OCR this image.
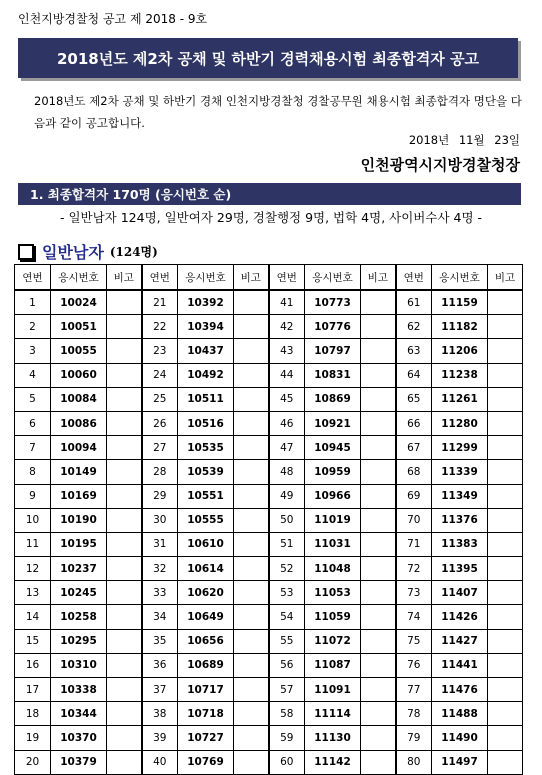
인천지방경찰청 공고 제 2018 - 9호
2018년도 제2차 공채 및 하반기 경력채용시험 최종합격자 공고
2018년도 제2차 공채 및 하반기 경채 인천지방경찰청 경찰공무원 채용시험 최종합격자 명단을 다음과 같이 공고합니다.
2018년 11월 23일
인천광역시지방경찰청장
1. 최종합격자 170명 (응시번호 순)
- 일반남자 124명, 일반여자 29명, 경찰행정 9명, 법학 4명, 사이버수사 4명 -
일반남자 (124명)
연번	응시번호	비고	연번	응시번호	비고	연번	응시번호	비고	연번	응시번호	비고
1	10024		21	10392		41	10773		61	11159	
2	10051		22	10394		42	10776		62	11182	
3	10055		23	10437		43	10797		63	11206	
4	10060		24	10492		44	10831		64	11238	
5	10084		25	10511		45	10869		65	11261	
6	10086		26	10516		46	10921		66	11280	
7	10094		27	10535		47	10945		67	11299	
8	10149		28	10539		48	10959		68	11339	
9	10169		29	10551		49	10966		69	11349	
10	10190		30	10555		50	11019		70	11376	
11	10195		31	10610		51	11031		71	11383	
12	10237		32	10614		52	11048		72	11395	
13	10245		33	10620		53	11053		73	11407	
14	10258		34	10649		54	11059		74	11426	
15	10295		35	10656		55	11072		75	11427	
16	10310		36	10689		56	11087		76	11441	
17	10338		37	10717		57	11091		77	11476	
18	10344		38	10718		58	11114		78	11488	
19	10370		39	10727		59	11130		79	11490	
20	10379		40	10769		60	11142		80	11497	
